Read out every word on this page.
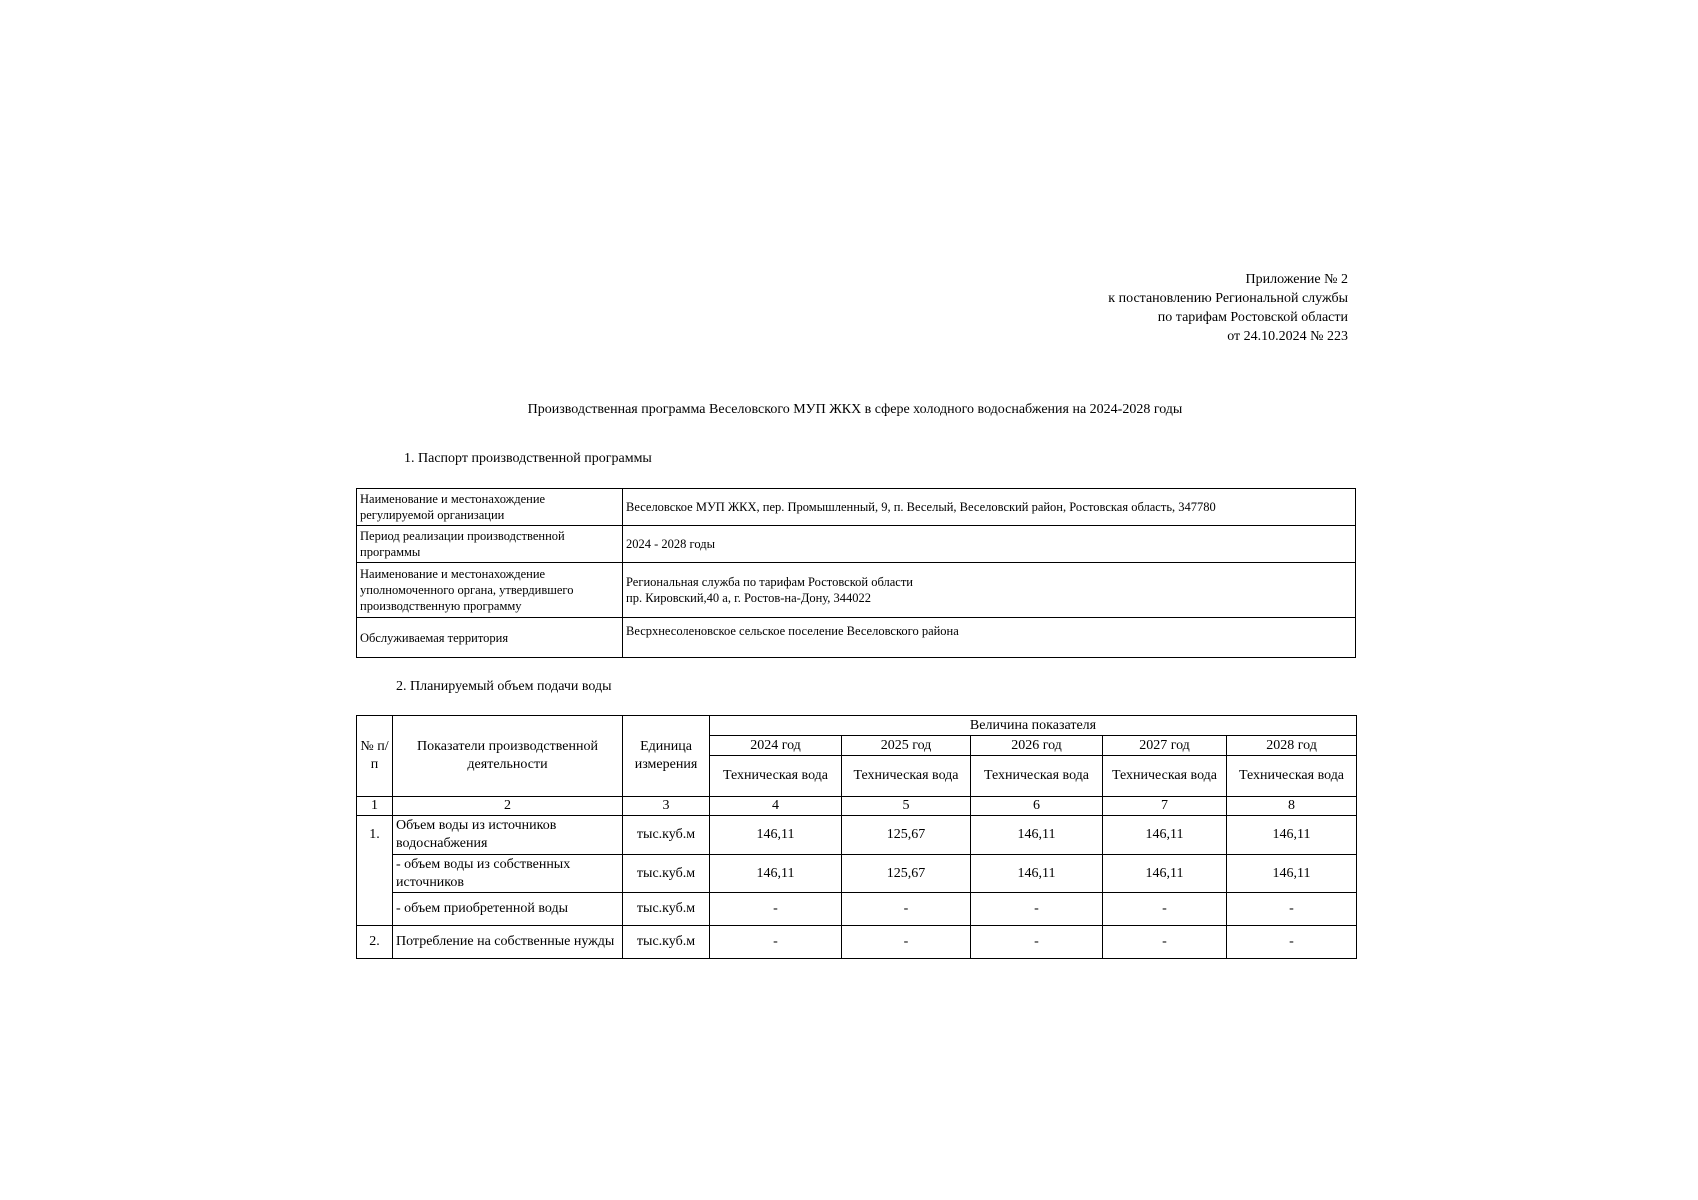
Приложение № 2
к постановлению Региональной службы
по тарифам Ростовской области
от 24.10.2024 № 223
Производственная программа Веселовского МУП ЖКХ в сфере холодного водоснабжения на 2024-2028 годы
1. Паспорт производственной программы
Наименование и местонахождение регулируемой организации	Веселовское МУП ЖКХ, пер. Промышленный, 9, п. Веселый, Веселовский район, Ростовская область, 347780
Период реализации производственной программы	2024 - 2028 годы
Наименование и местонахождение уполномоченного органа, утвердившего производственную программу	Региональная служба по тарифам Ростовской области
пр. Кировский,40 а, г. Ростов-на-Дону, 344022

Обслуживаемая территория	Весрхнесоленовское сельское поселение Веселовского района
2. Планируемый объем подачи воды
№ п/п	Показатели производственной деятельности	Единица измерения	Величина показателя				
			2024 год	2025 год	2026 год	2027 год	2028 год
			Техническая вода	Техническая вода	Техническая вода	Техническая вода	Техническая вода
1	2	3	4	5	6	7	8
1.	Объем воды из источников водоснабжения	тыс.куб.м	146,11	125,67	146,11	146,11	146,11
	- объем воды из собственных источников	тыс.куб.м	146,11	125,67	146,11	146,11	146,11
	- объем приобретенной воды	тыс.куб.м	-	-	-	-	-
2.	Потребление на собственные нужды	тыс.куб.м	-	-	-	-	-
